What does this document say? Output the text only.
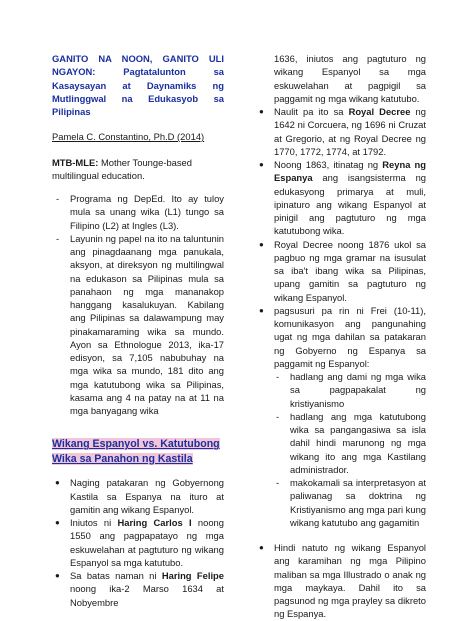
GANITO NA NOON, GANITO ULI NGAYON: Pagtatalunton sa Kasaysayan at Daynamiks ng Mutlinggwal na Edukasyob sa Pilipinas
Pamela C. Constantino, Ph.D (2014)
MTB-MLE: Mother Tounge-based multilingual education.
- Programa ng DepEd. Ito ay tuloy mula sa unang wika (L1) tungo sa Filipino (L2) at Ingles (L3).
- Layunin ng papel na ito na taluntunin ang pinagdaanang mga panukala, aksyon, at direksyon ng multilingwal na edukason sa Pilipinas mula sa panahaon ng mga mananakop hanggang kasalukuyan. Kabilang ang Pilipinas sa dalawampung may pinakamaraming wika sa mundo. Ayon sa Ethnologue 2013, ika-17 edisyon, sa 7,105 nabubuhay na mga wika sa mundo, 181 dito ang mga katutubong wika sa Pilipinas, kasama ang 4 na patay na at 11 na mga banyagang wika
Wikang Espanyol vs. Katutubong Wika sa Panahon ng Kastila
● Naging patakaran ng Gobyernong Kastila sa Espanya na ituro at gamitin ang wikang Espanyol.
● Iniutos ni Haring Carlos I noong 1550 ang pagpapatayo ng mga eskuwelahan at pagtuturo ng wikang Espanyol sa mga katutubo.
● Sa batas naman ni Haring Felipe noong ika-2 Marso 1634 at Nobyembre
1636, iniutos ang pagtuturo ng wikang Espanyol sa mga eskuwelahan at pagpigil sa paggamit ng mga wikang katutubo.
● Naulit pa ito sa Royal Decree ng 1642 ni Corcuera, ng 1696 ni Cruzat at Gregorio, at ng Royal Decree ng 1770, 1772, 1774, at 1792.
● Noong 1863, itinatag ng Reyna ng Espanya ang isangsisterma ng edukasyong primarya at muli, ipinaturo ang wikang Espanyol at pinigil ang pagtuturo ng mga katutubong wika.
● Royal Decree noong 1876 ukol sa pagbuo ng mga gramar na isusulat sa iba't ibang wika sa Pilipinas, upang gamitin sa pagtuturo ng wikang Espanyol.
● pagsusuri pa rin ni Frei (10-11), komunikasyon ang pangunahing ugat ng mga dahilan sa patakaran ng Gobyerno ng Espanya sa paggamit ng Espanyol:
- hadlang ang dami ng mga wika sa pagpapakalat ng kristiyanismo
- hadlang ang mga katutubong wika sa pangangasiwa sa isla dahil hindi marunong ng mga wikang ito ang mga Kastilang administrador.
- makokamali sa interpretasyon at paliwanag sa doktrina ng Kristiyanismo ang mga pari kung wikang katutubo ang gagamitin
● Hindi natuto ng wikang Espanyol ang karamihan ng mga Pilipino maliban sa mga Illustrado o anak ng mga maykaya. Dahil ito sa pagsunod ng mga prayley sa dikreto ng Espanya.
